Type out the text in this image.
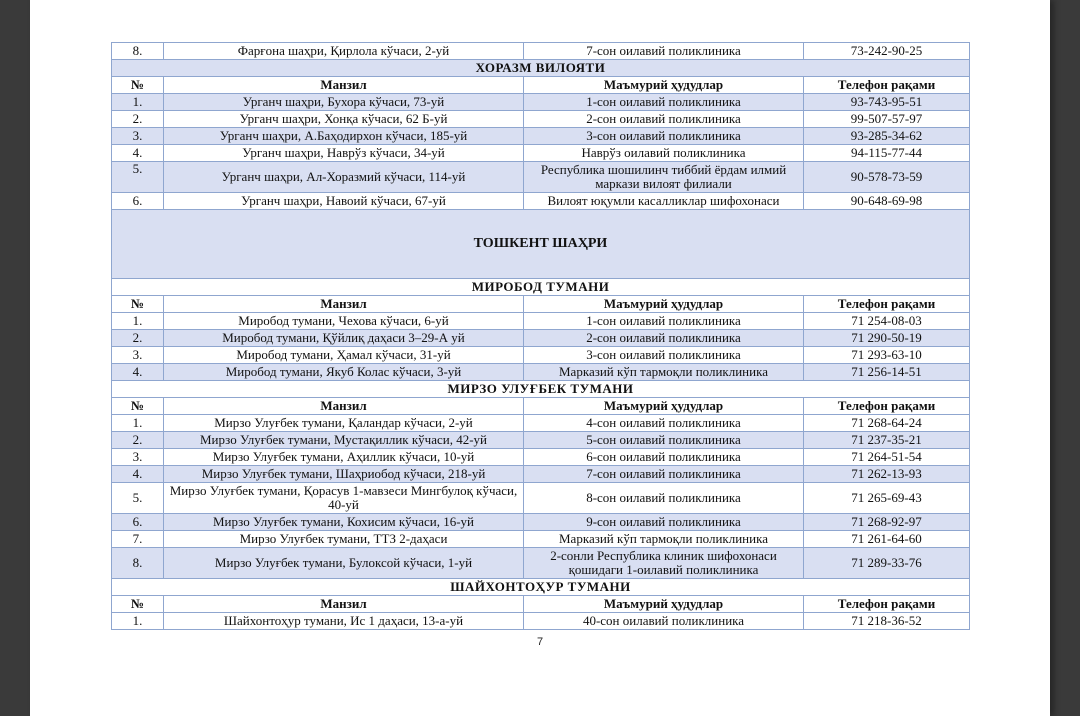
8.	Фарғона шаҳри, Қирлола кўчаси, 2-уй	7-сон оилавий поликлиника	73-242-90-25
ХОРАЗМ ВИЛОЯТИ			
№	Манзил	Маъмурий ҳудудлар	Телефон рақами
1.	Урганч шаҳри, Бухора кўчаси, 73-уй	1-сон оилавий поликлиника	93-743-95-51
2.	Урганч шаҳри, Хонқа кўчаси, 62 Б-уй	2-сон оилавий поликлиника	99-507-57-97
3.	Урганч шаҳри, А.Баҳодирхон кўчаси, 185-уй	3-сон оилавий поликлиника	93-285-34-62
4.	Урганч шаҳри, Наврўз кўчаси, 34-уй	Наврўз оилавий поликлиника	94-115-77-44
5.	Урганч шаҳри, Ал-Хоразмий кўчаси, 114-уй	Республика шошилинч тиббий ёрдам илмий маркази вилоят филиали	90-578-73-59
6.	Урганч шаҳри, Навоий кўчаси, 67-уй	Вилоят юқумли касалликлар шифохонаси	90-648-69-98
ТОШКЕНТ ШАҲРИ			
МИРОБОД ТУМАНИ			
№	Манзил	Маъмурий ҳудудлар	Телефон рақами
1.	Миробод тумани, Чехова кўчаси, 6-уй	1-сон оилавий поликлиника	71 254-08-03
2.	Миробод тумани, Қўйлиқ даҳаси 3–29-А уй	2-сон оилавий поликлиника	71 290-50-19
3.	Миробод тумани, Ҳамал кўчаси, 31-уй	3-сон оилавий поликлиника	71 293-63-10
4.	Миробод тумани, Якуб Колас кўчаси, 3-уй	Марказий кўп тармоқли поликлиника	71 256-14-51
МИРЗО УЛУҒБЕК ТУМАНИ			
№	Манзил	Маъмурий ҳудудлар	Телефон рақами
1.	Мирзо Улуғбек тумани, Қаландар кўчаси, 2-уй	4-сон оилавий поликлиника	71 268-64-24
2.	Мирзо Улуғбек тумани, Мустақиллик кўчаси, 42-уй	5-сон оилавий поликлиника	71 237-35-21
3.	Мирзо Улуғбек тумани, Аҳиллик кўчаси, 10-уй	6-сон оилавий поликлиника	71 264-51-54
4.	Мирзо Улуғбек тумани, Шаҳриобод кўчаси, 218-уй	7-сон оилавий поликлиника	71 262-13-93
5.	Мирзо Улуғбек тумани, Қорасув 1-мавзеси Мингбулоқ кўчаси, 40-уй	8-сон оилавий поликлиника	71 265-69-43
6.	Мирзо Улуғбек тумани, Кохисим кўчаси, 16-уй	9-сон оилавий поликлиника	71 268-92-97
7.	Мирзо Улуғбек тумани, ТТЗ 2-даҳаси	Марказий кўп тармоқли поликлиника	71 261-64-60
8.	Мирзо Улуғбек тумани, Булоксой кўчаси, 1-уй	2-сонли Республика клиник шифохонаси қошидаги 1-оилавий поликлиника	71 289-33-76
ШАЙХОНТОҲУР ТУМАНИ			
№	Манзил	Маъмурий ҳудудлар	Телефон рақами
1.	Шайхонтоҳур тумани, Ис 1 даҳаси, 13-а-уй	40-сон оилавий поликлиника	71 218-36-52
7
